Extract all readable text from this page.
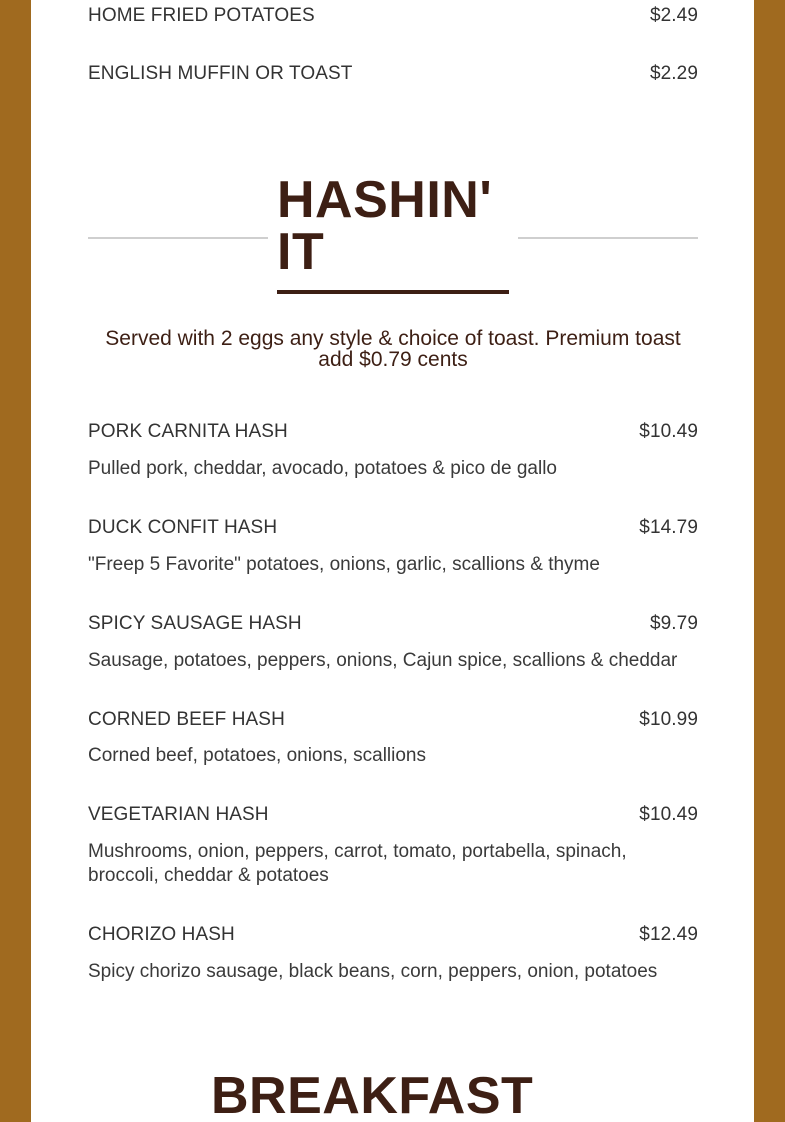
HOME FRIED POTATOES	$2.49
ENGLISH MUFFIN OR TOAST	$2.29
HASHIN' IT
Served with 2 eggs any style & choice of toast. Premium toast add $0.79 cents
PORK CARNITA HASH	$10.49
Pulled pork, cheddar, avocado, potatoes & pico de gallo
DUCK CONFIT HASH	$14.79
"Freep 5 Favorite" potatoes, onions, garlic, scallions & thyme
SPICY SAUSAGE HASH	$9.79
Sausage, potatoes, peppers, onions, Cajun spice, scallions & cheddar
CORNED BEEF HASH	$10.99
Corned beef, potatoes, onions, scallions
VEGETARIAN HASH	$10.49
Mushrooms, onion, peppers, carrot, tomato, portabella, spinach, broccoli, cheddar & potatoes
CHORIZO HASH	$12.49
Spicy chorizo sausage, black beans, corn, peppers, onion, potatoes
BREAKFAST
